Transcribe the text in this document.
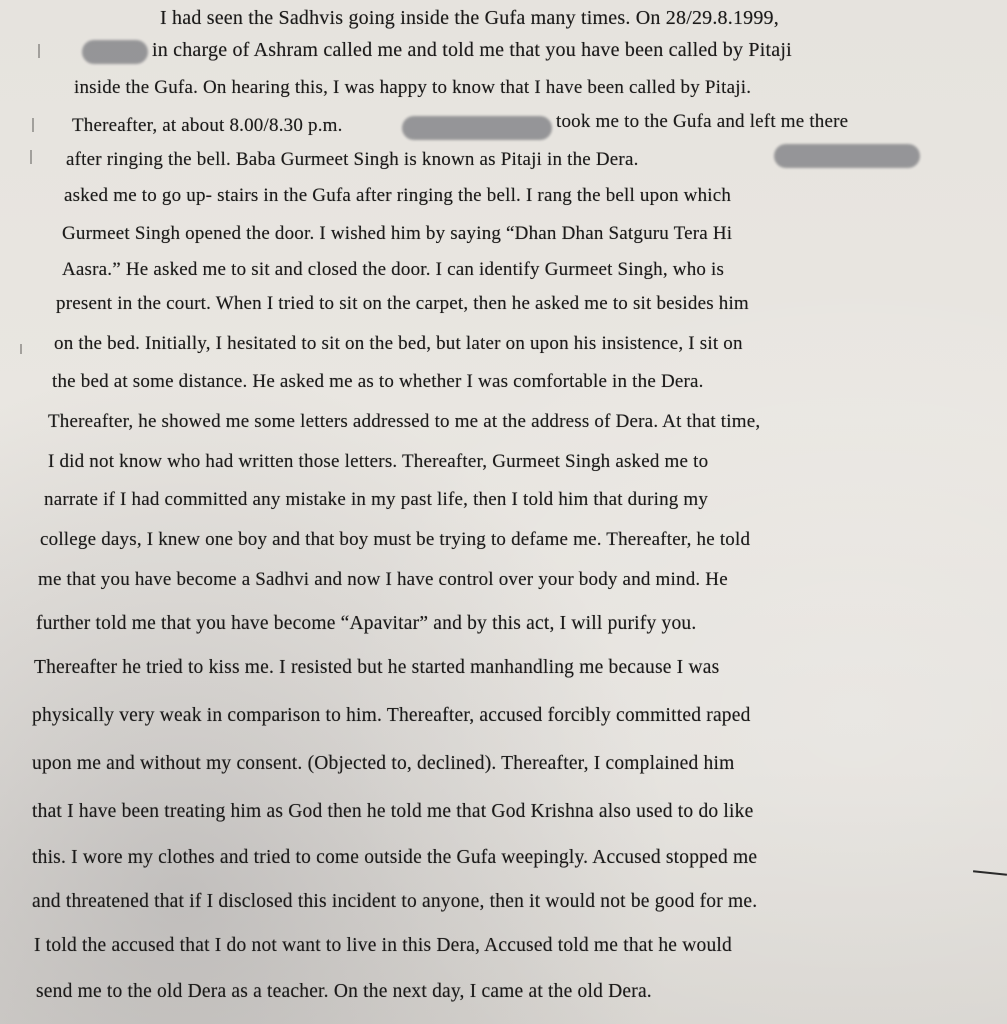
I had seen the Sadhvis going inside the Gufa many times. On 28/29.8.1999,
in charge of Ashram called me and told me that you have been called by Pitaji
inside the Gufa. On hearing this, I was happy to know that I have been called by Pitaji.
Thereafter, at about 8.00/8.30 p.m.	took me to the Gufa and left me there
after ringing the bell. Baba Gurmeet Singh is known as Pitaji in the Dera.
asked me to go up- stairs in the Gufa after ringing the bell. I rang the bell upon which
Gurmeet Singh opened the door. I wished him by saying “Dhan Dhan Satguru Tera Hi
Aasra.” He asked me to sit and closed the door. I can identify Gurmeet Singh, who is
present in the court. When I tried to sit on the carpet, then he asked me to sit besides him
on the bed. Initially, I hesitated to sit on the bed, but later on upon his insistence, I sit on
the bed at some distance. He asked me as to whether I was comfortable in the Dera.
Thereafter, he showed me some letters addressed to me at the address of Dera. At that time,
I did not know who had written those letters. Thereafter, Gurmeet Singh asked me to
narrate if I had committed any mistake in my past life, then I told him that during my
college days, I knew one boy and that boy must be trying to defame me. Thereafter, he told
me that you have become a Sadhvi and now I have control over your body and mind. He
further told me that you have become “Apavitar” and by this act, I will purify you.
Thereafter he tried to kiss me. I resisted but he started manhandling me because I was
physically very weak in comparison to him. Thereafter, accused forcibly committed raped
upon me and without my consent. (Objected to, declined). Thereafter, I complained him
that I have been treating him as God then he told me that God Krishna also used to do like
this. I wore my clothes and tried to come outside the Gufa weepingly. Accused stopped me
and threatened that if I disclosed this incident to anyone, then it would not be good for me.
I told the accused that I do not want to live in this Dera, Accused told me that he would
send me to the old Dera as a teacher. On the next day, I came at the old Dera.
